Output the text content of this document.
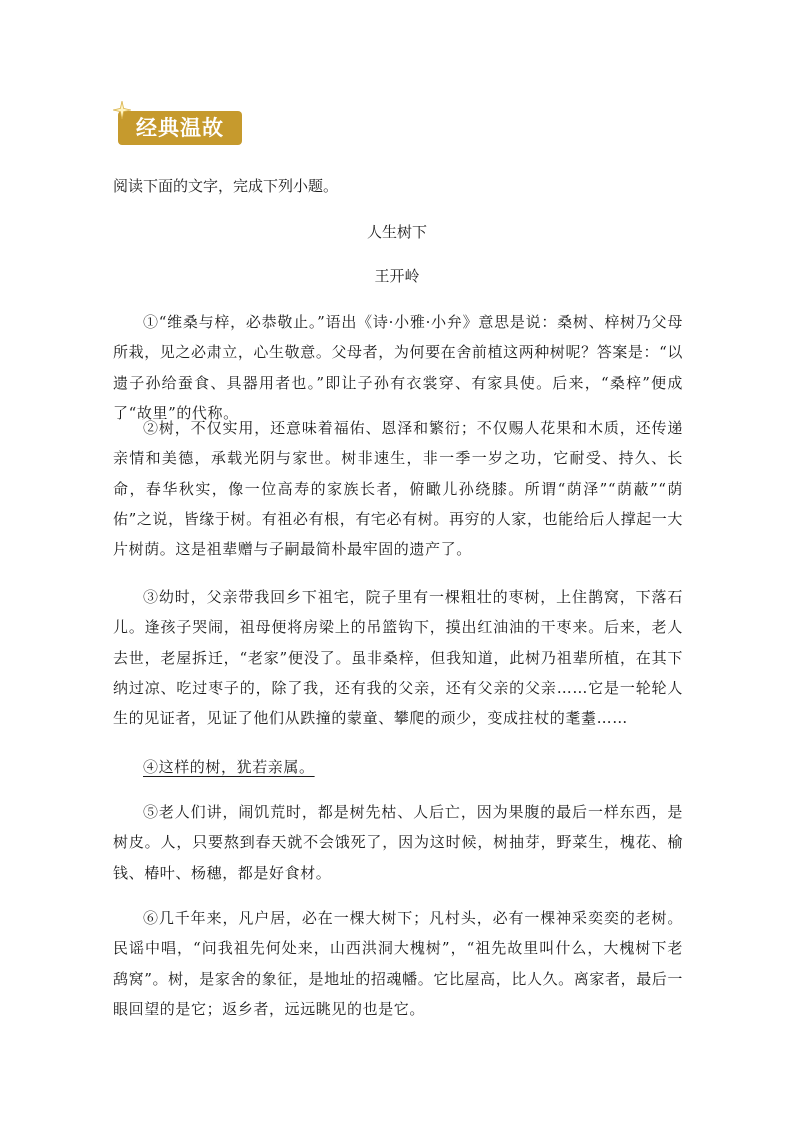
经典温故
阅读下面的文字，完成下列小题。
人生树下
王开岭

①“维桑与梓，必恭敬止。”语出《诗·小雅·小弁》意思是说：桑树、梓树乃父母所栽，见之必肃立，心生敬意。父母者，为何要在舍前植这两种树呢？答案是：“以遗子孙给蚕食、具器用者也。”即让子孙有衣裳穿、有家具使。后来，“桑梓”便成了“故里”的代称。

②树，不仅实用，还意味着福佑、恩泽和繁衍；不仅赐人花果和木质，还传递亲情和美德，承载光阴与家世。树非速生，非一季一岁之功，它耐受、持久、长命，春华秋实，像一位高寿的家族长者，俯瞰儿孙绕膝。所谓“荫泽”“荫蔽”“荫佑”之说，皆缘于树。有祖必有根，有宅必有树。再穷的人家，也能给后人撑起一大片树荫。这是祖辈赠与子嗣最简朴最牢固的遗产了。

③幼时，父亲带我回乡下祖宅，院子里有一棵粗壮的枣树，上住鹊窝，下落石儿。逢孩子哭闹，祖母便将房梁上的吊篮钩下，摸出红油油的干枣来。后来，老人去世，老屋拆迁，“老家”便没了。虽非桑梓，但我知道，此树乃祖辈所植，在其下纳过凉、吃过枣子的，除了我，还有我的父亲，还有父亲的父亲……它是一轮轮人生的见证者，见证了他们从跌撞的蒙童、攀爬的顽少，变成拄杖的耄耋……

④这样的树，犹若亲属。

⑤老人们讲，闹饥荒时，都是树先枯、人后亡，因为果腹的最后一样东西，是树皮。人，只要熬到春天就不会饿死了，因为这时候，树抽芽，野菜生，槐花、榆钱、椿叶、杨穗，都是好食材。

⑥几千年来，凡户居，必在一棵大树下；凡村头，必有一棵神采奕奕的老树。民谣中唱，“问我祖先何处来，山西洪洞大槐树”，“祖先故里叫什么，大槐树下老鸹窝”。树，是家舍的象征，是地址的招魂幡。它比屋高，比人久。离家者，最后一眼回望的是它；返乡者，远远眺见的也是它。
